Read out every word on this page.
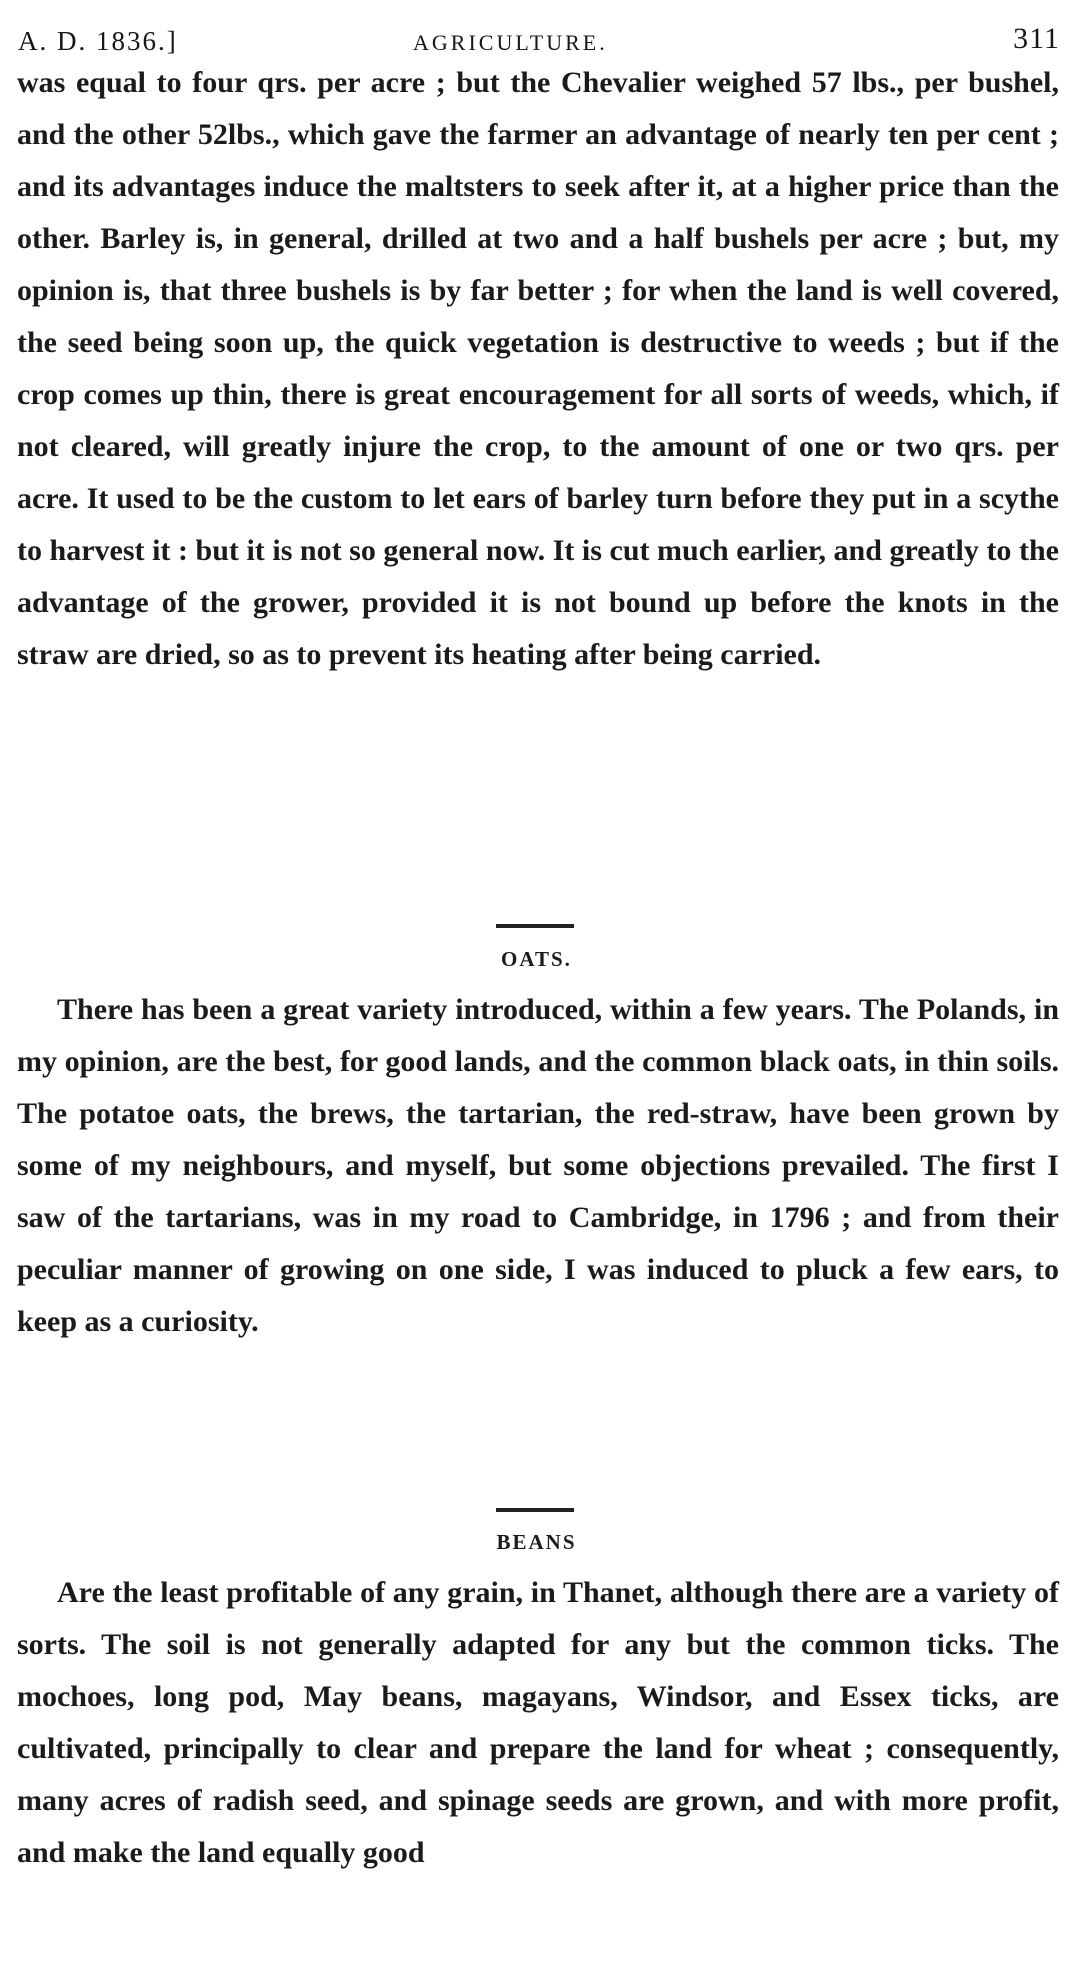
A. D. 1836.]	AGRICULTURE.	311

was equal to four qrs. per acre ; but the Chevalier weighed 57 lbs., per bushel, and the other 52lbs., which gave the farmer an advantage of nearly ten per cent ; and its advantages induce the maltsters to seek after it, at a higher price than the other. Barley is, in general, drilled at two and a half bushels per acre ; but, my opinion is, that three bushels is by far better ; for when the land is well covered, the seed being soon up, the quick vegetation is destructive to weeds ; but if the crop comes up thin, there is great encouragement for all sorts of weeds, which, if not cleared, will greatly injure the crop, to the amount of one or two qrs. per acre. It used to be the custom to let ears of barley turn before they put in a scythe to harvest it : but it is not so general now. It is cut much earlier, and greatly to the advantage of the grower, provided it is not bound up before the knots in the straw are dried, so as to prevent its heating after being carried.

OATS.

There has been a great variety introduced, within a few years. The Polands, in my opinion, are the best, for good lands, and the common black oats, in thin soils. The potatoe oats, the brews, the tartarian, the red-straw, have been grown by some of my neighbours, and myself, but some objections prevailed. The first I saw of the tartarians, was in my road to Cambridge, in 1796 ; and from their peculiar manner of growing on one side, I was induced to pluck a few ears, to keep as a curiosity.

BEANS

Are the least profitable of any grain, in Thanet, although there are a variety of sorts. The soil is not generally adapted for any but the common ticks. The mochoes, long pod, May beans, magayans, Windsor, and Essex ticks, are cultivated, principally to clear and prepare the land for wheat ; consequently, many acres of radish seed, and spinage seeds are grown, and with more profit, and make the land equally good
